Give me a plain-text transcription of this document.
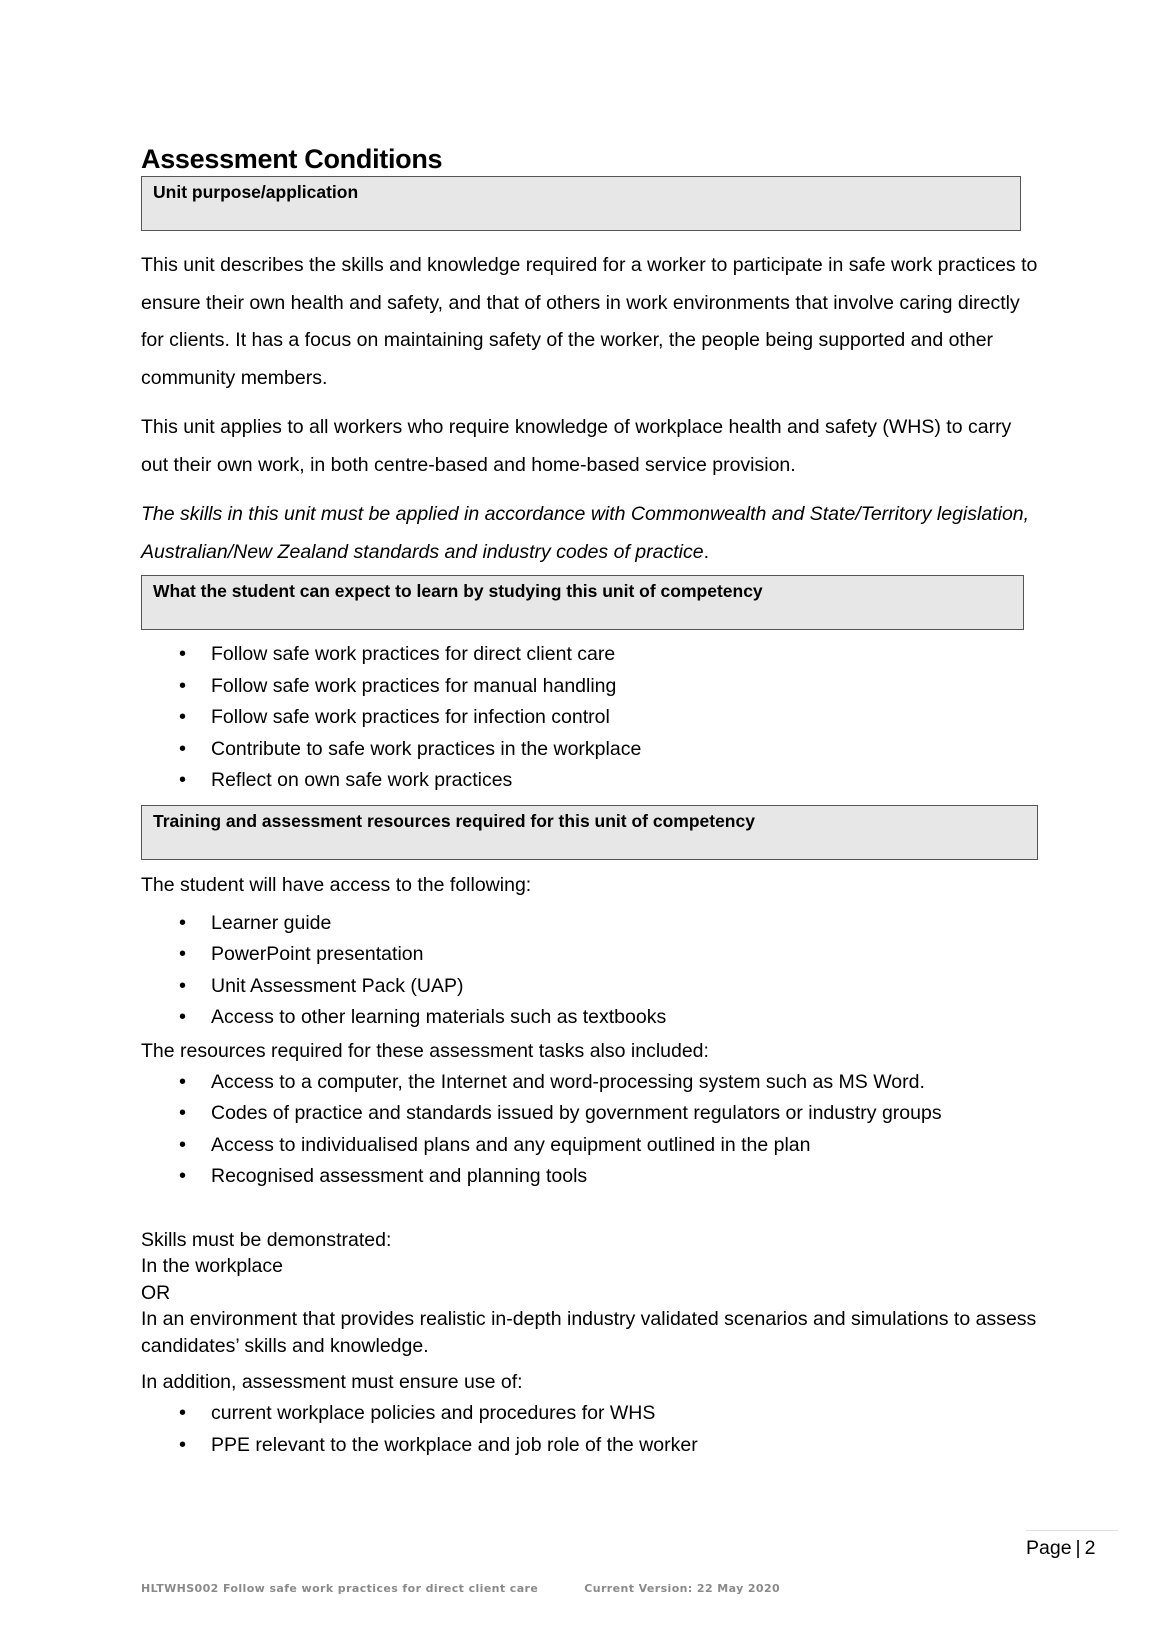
Assessment Conditions
Unit purpose/application

This unit describes the skills and knowledge required for a worker to participate in safe work practices to ensure their own health and safety, and that of others in work environments that involve caring directly for clients. It has a focus on maintaining safety of the worker, the people being supported and other community members.

This unit applies to all workers who require knowledge of workplace health and safety (WHS) to carry out their own work, in both centre-based and home-based service provision.

The skills in this unit must be applied in accordance with Commonwealth and State/Territory legislation, Australian/New Zealand standards and industry codes of practice.

What the student can expect to learn by studying this unit of competency
• Follow safe work practices for direct client care
• Follow safe work practices for manual handling
• Follow safe work practices for infection control
• Contribute to safe work practices in the workplace
• Reflect on own safe work practices
Training and assessment resources required for this unit of competency

The student will have access to the following:

• Learner guide
• PowerPoint presentation
• Unit Assessment Pack (UAP)
• Access to other learning materials such as textbooks

The resources required for these assessment tasks also included:

• Access to a computer, the Internet and word-processing system such as MS Word.
• Codes of practice and standards issued by government regulators or industry groups
• Access to individualised plans and any equipment outlined in the plan
• Recognised assessment and planning tools

Skills must be demonstrated:

In the workplace

OR

In an environment that provides realistic in-depth industry validated scenarios and simulations to assess candidates’ skills and knowledge.

In addition, assessment must ensure use of:

• current workplace policies and procedures for WHS
• PPE relevant to the workplace and job role of the worker
Page | 2
HLTWHS002 Follow safe work practices for direct client care	Current Version: 22 May 2020
